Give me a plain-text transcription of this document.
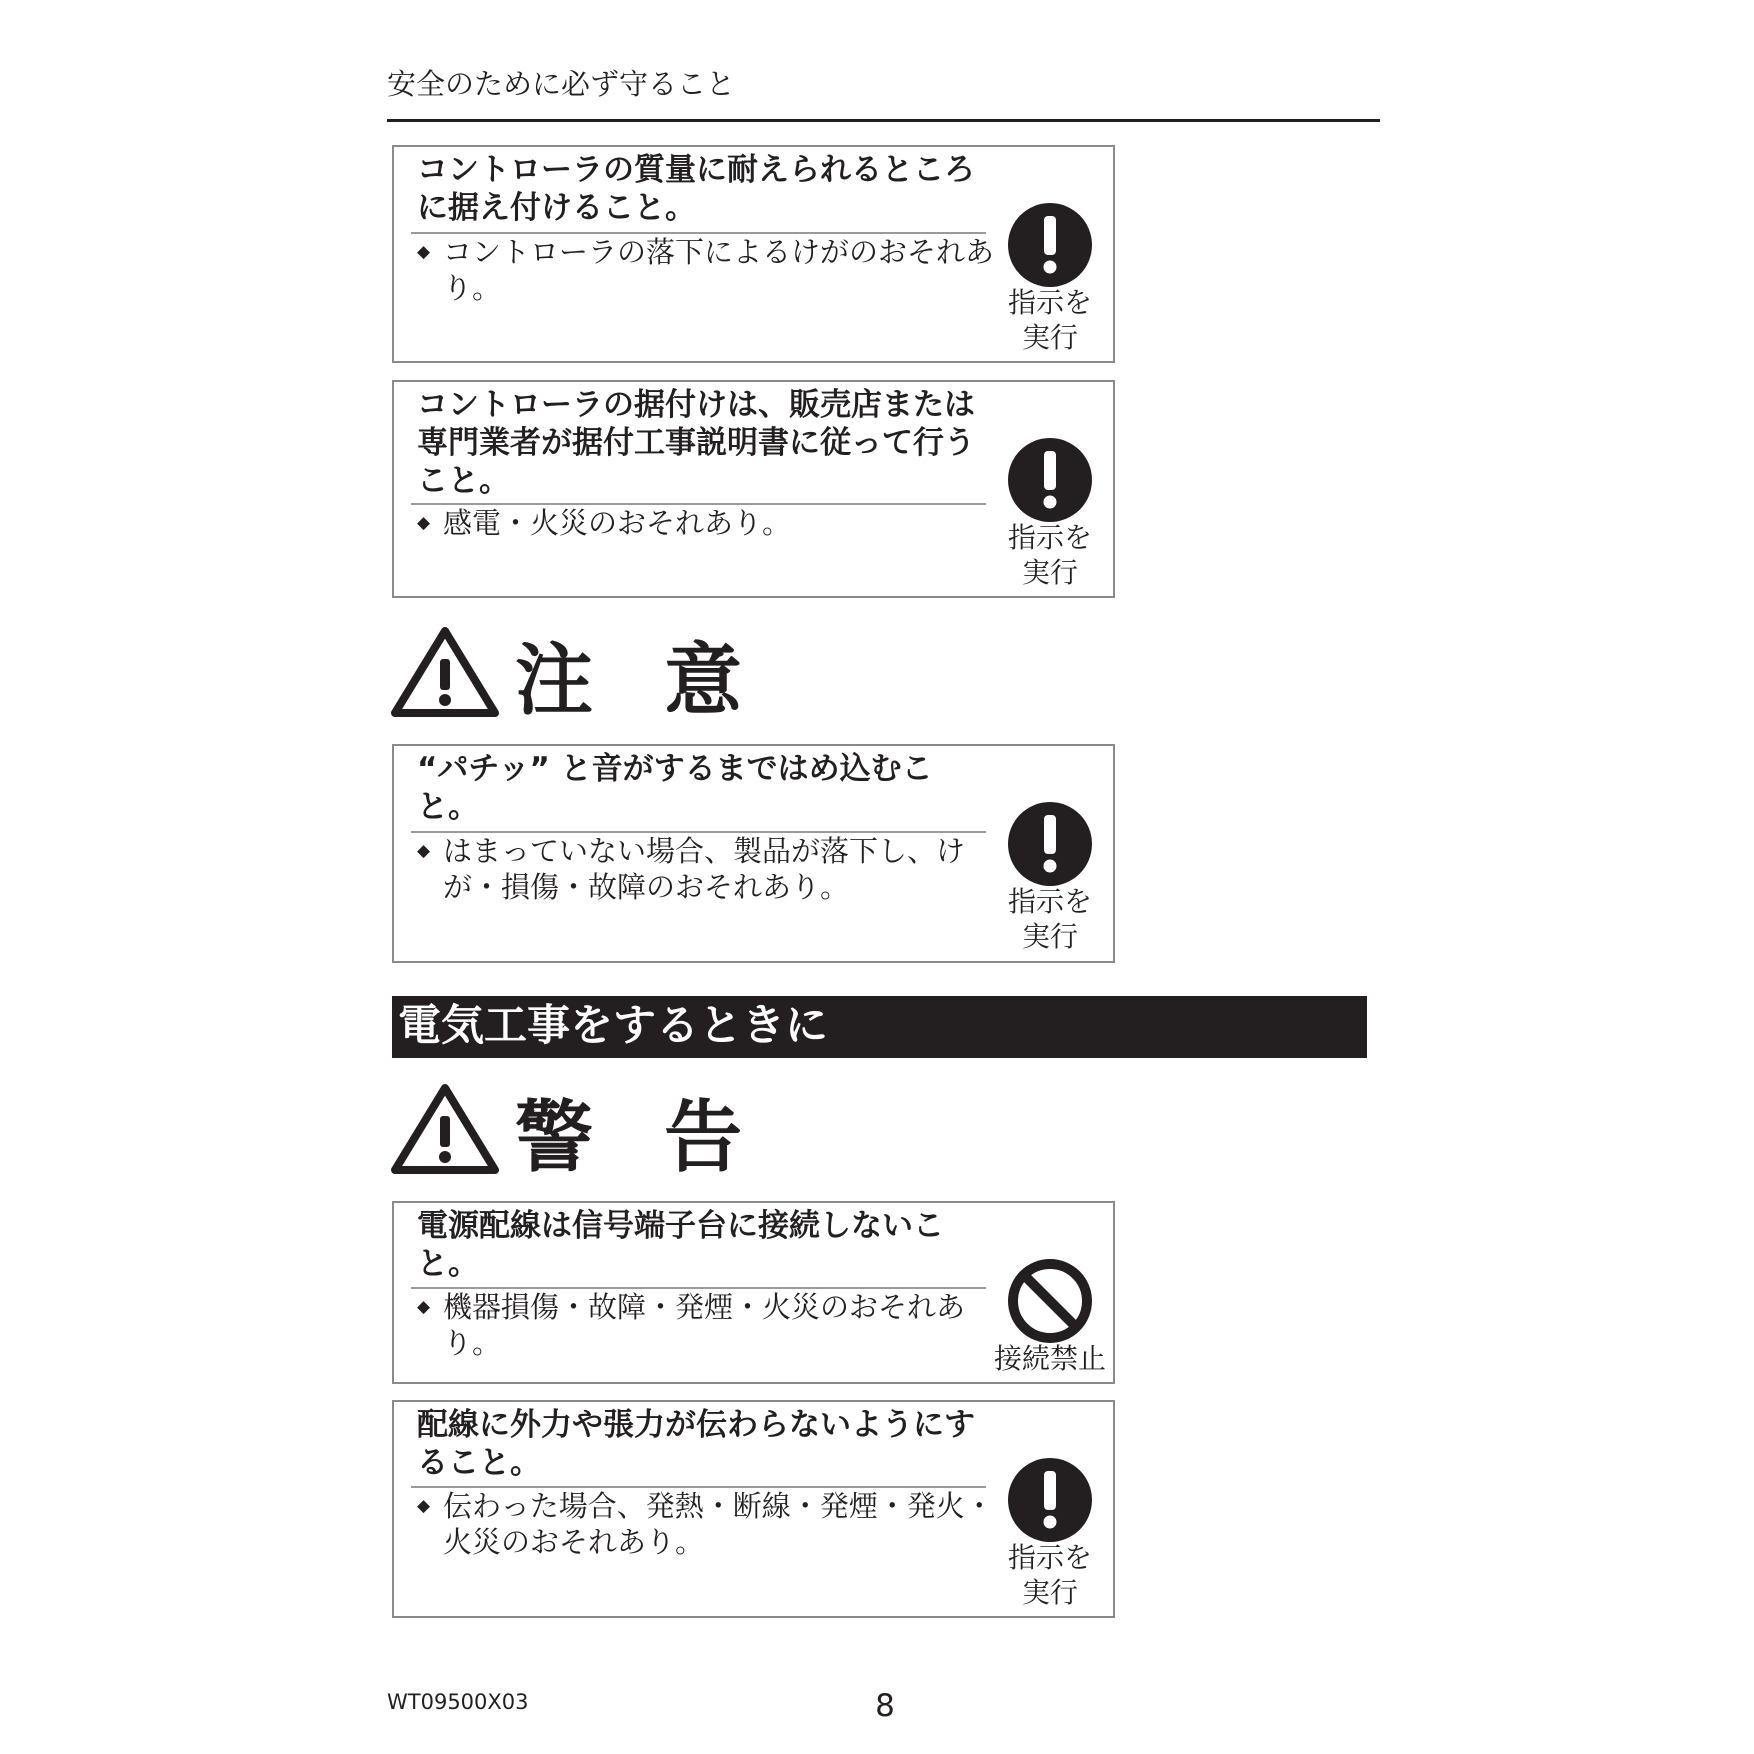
安全のために必ず守ること
コントローラの質量に耐えられるところに据え付けること。
◆ コントローラの落下によるけがのおそれあり。	指示を
実行
コントローラの据付けは、販売店または専門業者が据付工事説明書に従って行うこと。
◆ 感電・火災のおそれあり。	指示を
実行
注 意
“パチッ” と音がするまではめ込むこと。
◆ はまっていない場合、製品が落下し、けが・損傷・故障のおそれあり。	指示を
実行
電気工事をするときに
警 告
電源配線は信号端子台に接続しないこと。
◆ 機器損傷・故障・発煙・火災のおそれあり。	接続禁止
配線に外力や張力が伝わらないようにすること。
◆ 伝わった場合、発熱・断線・発煙・発火・火災のおそれあり。	指示を
実行
WT09500X03	8
